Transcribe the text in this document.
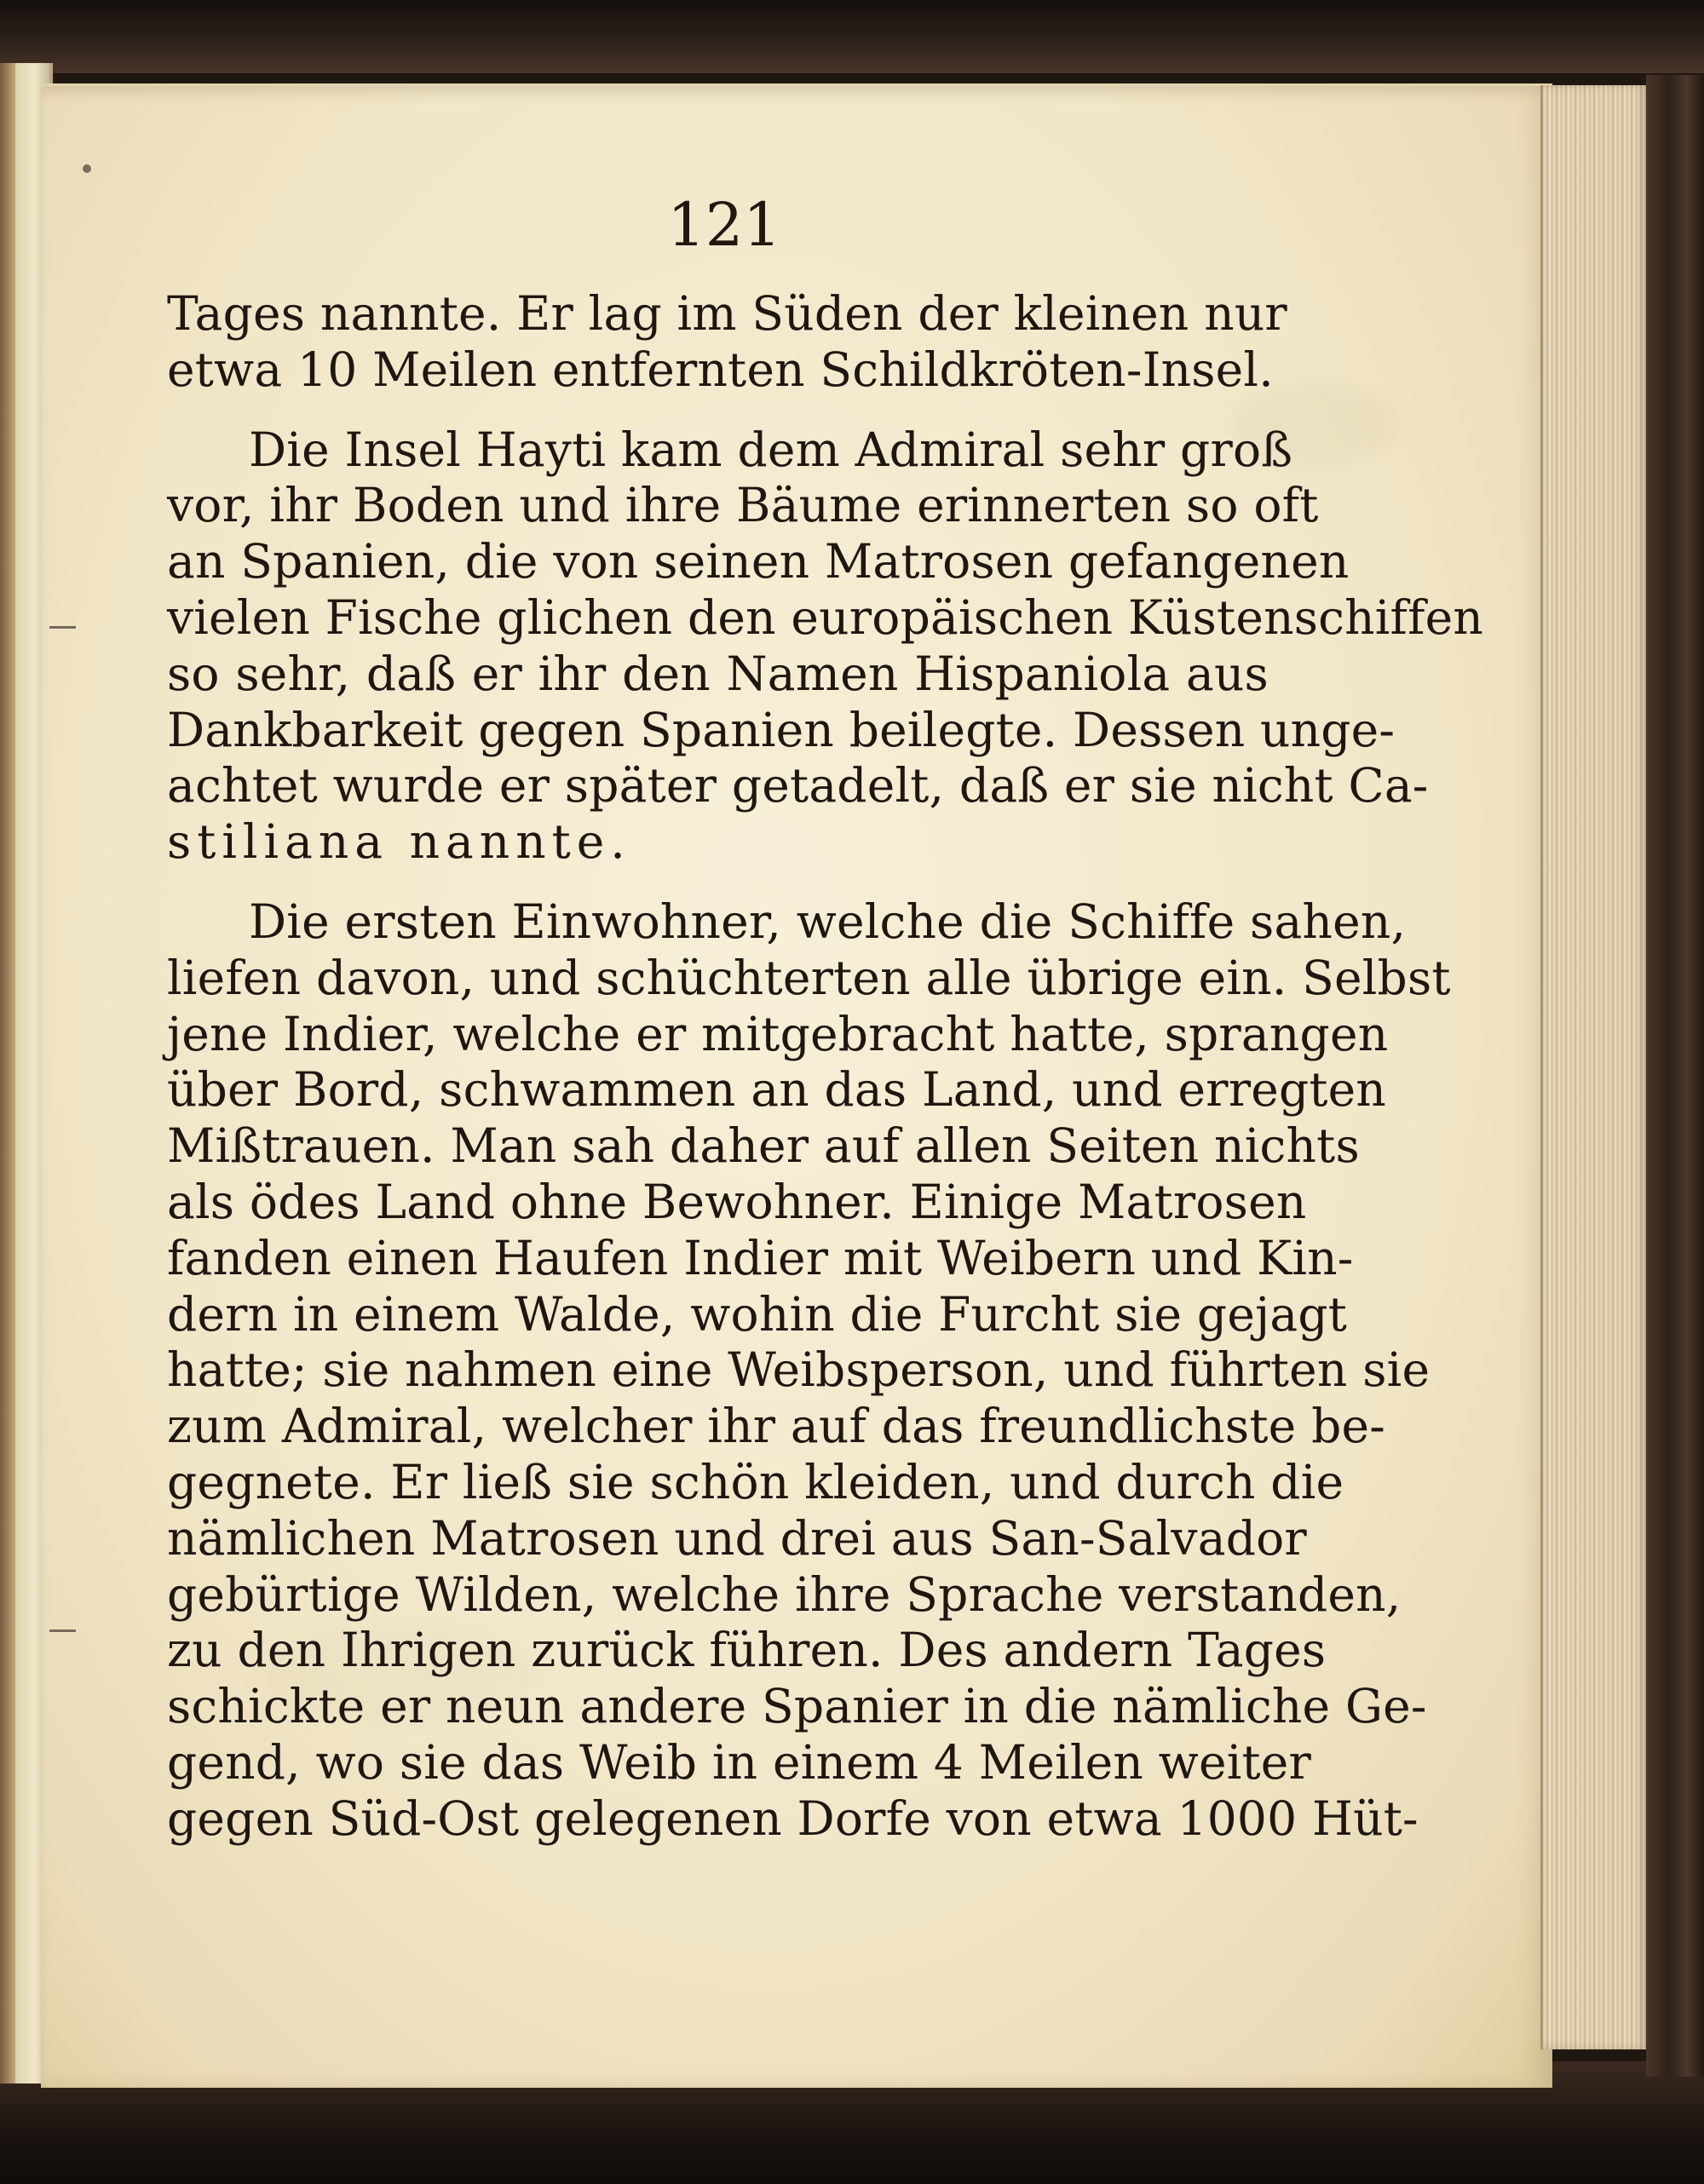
121
Tages nannte. Er lag im Süden der kleinen nur
etwa 10 Meilen entfernten Schildkröten-Insel.
Die Insel Hayti kam dem Admiral sehr groß
vor, ihr Boden und ihre Bäume erinnerten so oft
an Spanien, die von seinen Matrosen gefangenen
vielen Fische glichen den europäischen Küstenschiffen
so sehr, daß er ihr den Namen Hispaniola aus
Dankbarkeit gegen Spanien beilegte. Dessen unge-
achtet wurde er später getadelt, daß er sie nicht Ca-
stiliana nannte.
Die ersten Einwohner, welche die Schiffe sahen,
liefen davon, und schüchterten alle übrige ein. Selbst
jene Indier, welche er mitgebracht hatte, sprangen
über Bord, schwammen an das Land, und erregten
Mißtrauen. Man sah daher auf allen Seiten nichts
als ödes Land ohne Bewohner. Einige Matrosen
fanden einen Haufen Indier mit Weibern und Kin-
dern in einem Walde, wohin die Furcht sie gejagt
hatte; sie nahmen eine Weibsperson, und führten sie
zum Admiral, welcher ihr auf das freundlichste be-
gegnete. Er ließ sie schön kleiden, und durch die
nämlichen Matrosen und drei aus San-Salvador
gebürtige Wilden, welche ihre Sprache verstanden,
zu den Ihrigen zurück führen. Des andern Tages
schickte er neun andere Spanier in die nämliche Ge-
gend, wo sie das Weib in einem 4 Meilen weiter
gegen Süd-Ost gelegenen Dorfe von etwa 1000 Hüt-
